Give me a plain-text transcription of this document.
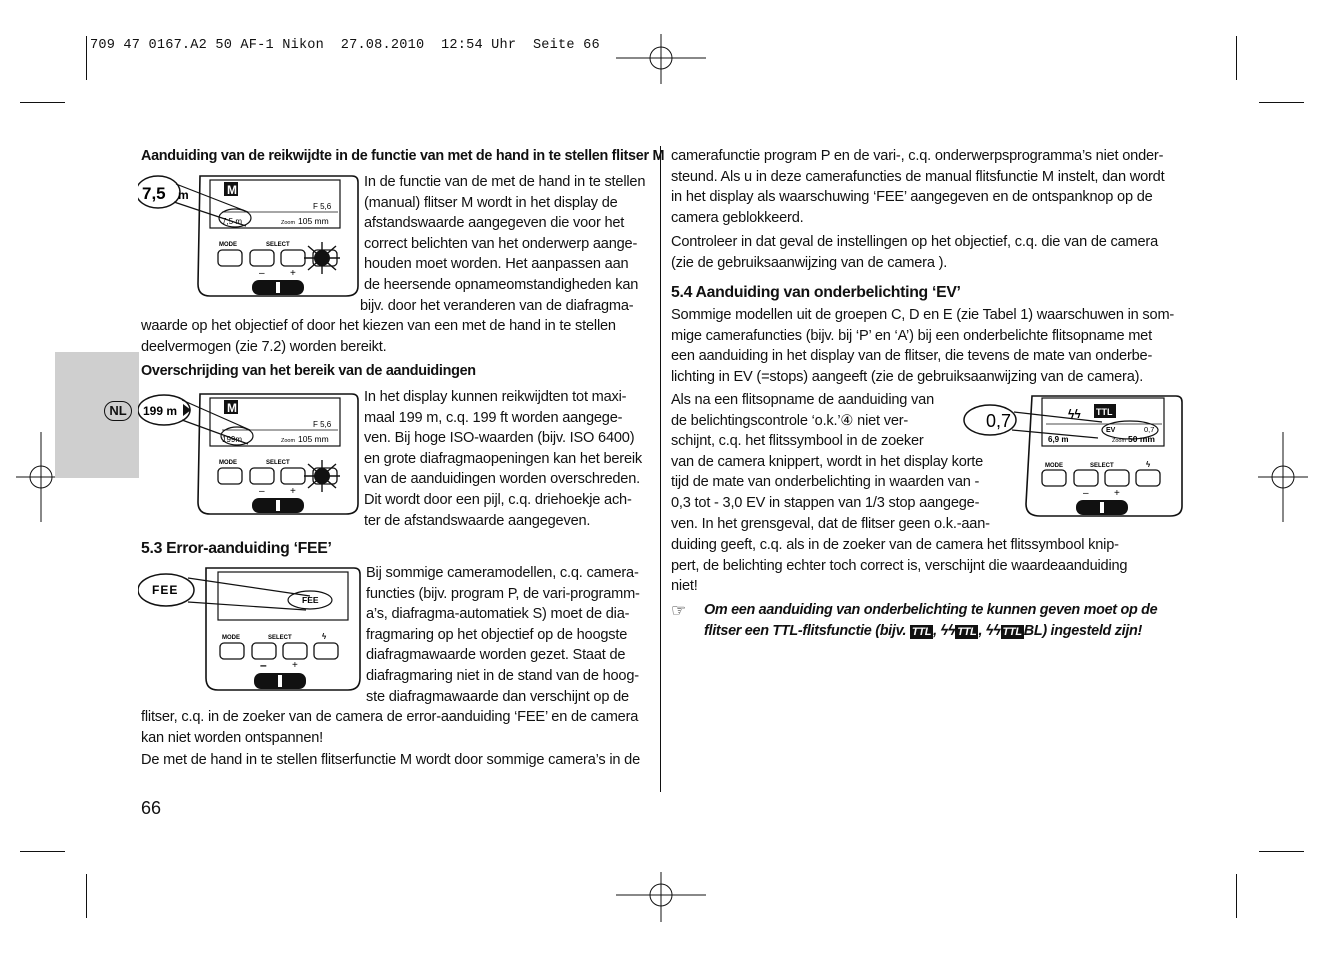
709 47 0167.A2 50 AF-1 Nikon  27.08.2010  12:54 Uhr  Seite 66
NL
Aanduiding van de reikwijdte in de functie van met de hand in te stellen flitser M
M
F 5,6
7,5 m	Zoom 105 mm
7,5 m
MODE	SELECT
–	+

In de functie van de met de hand in te stellen

(manual) flitser M wordt in het display de

afstandswaarde aangegeven die voor het

correct belichten van het onderwerp aange-

houden moet worden. Het aanpassen aan

de heersende opnameomstandigheden kan

bijv. door het veranderen van de diafragma-

waarde op het objectief of door het kiezen van een met de hand in te stellen

deelvermogen (zie 7.2) worden bereikt.

Overschrijding van het bereik van de aanduidingen
M
F 5,6
199m	Zoom 105 mm
199 m
MODE	SELECT
–	+

In het display kunnen reikwijdten tot maxi-

maal 199 m, c.q. 199 ft worden aangege-

ven. Bij hoge ISO-waarden (bijv. ISO 6400)

en grote diafragmaopeningen kan het bereik

van de aanduidingen worden overschreden.

Dit wordt door een pijl, c.q. driehoekje ach-

ter de afstandswaarde aangegeven.

5.3 Error-aanduiding ‘FEE’
FEE
FEE
MODE	SELECT	ϟ
–	+

Bij sommige cameramodellen, c.q. camera-

functies (bijv. program P, de vari-programm-

a’s, diafragma-automatiek S) moet de dia-

fragmaring op het objectief op de hoogste

diafragmawaarde worden gezet. Staat de

diafragmaring niet in de stand van de hoog-

ste diafragmawaarde dan verschijnt op de

flitser, c.q. in de zoeker van de camera de error-aanduiding ‘FEE’ en de camera

kan niet worden ontspannen!

De met de hand in te stellen flitserfunctie M wordt door sommige camera’s in de

66

camerafunctie program P en de vari-, c.q. onderwerpsprogramma’s niet onder-

steund. Als u in deze camerafuncties de manual flitsfunctie M instelt, dan wordt

in het display als waarschuwing ‘FEE’ aangegeven en de ontspanknop op de

camera geblokkeerd.

Controleer in dat geval de instellingen op het objectief, c.q. die van de camera

(zie de gebruiksaanwijzing van de camera ).

5.4 Aanduiding van onderbelichting ‘EV’

Sommige modellen uit de groepen C, D en E (zie Tabel 1) waarschuwen in som-

mige camerafuncties (bijv. bij ‘P’ en ‘A’) bij een onderbelichte flitsopname met

een aanduiding in het display van de flitser, die tevens de mate van onderbe-

lichting in EV (=stops) aangeeft (zie de gebruiksaanwijzing van de camera).

Als na een flitsopname de aanduiding van

de belichtingscontrole ‘o.k.’④ niet ver-

schijnt, c.q. het flitssymbool in de zoeker

van de camera knippert, wordt in het display korte

tijd de mate van onderbelichting in waarden van -

0,3 tot - 3,0 EV in stappen van 1/3 stop aangege-

ven. In het grensgeval, dat de flitser geen o.k.-aan-

0,7	ϟϟ TTL
EV	0,7
6,9 m	Zoom 50 mm
MODE	SELECT	ϟ
–	+

duiding geeft, c.q. als in de zoeker van de camera het flitssymbool knip-

pert, de belichting echter toch correct is, verschijnt die waardeaanduiding

niet!

☞ Om een aanduiding van onderbelichting te kunnen geven moet op de

flitser een TTL-flitsfunctie (bijv. TTL , ϟϟ TTL , ϟϟ TTL BL) ingesteld zijn!
